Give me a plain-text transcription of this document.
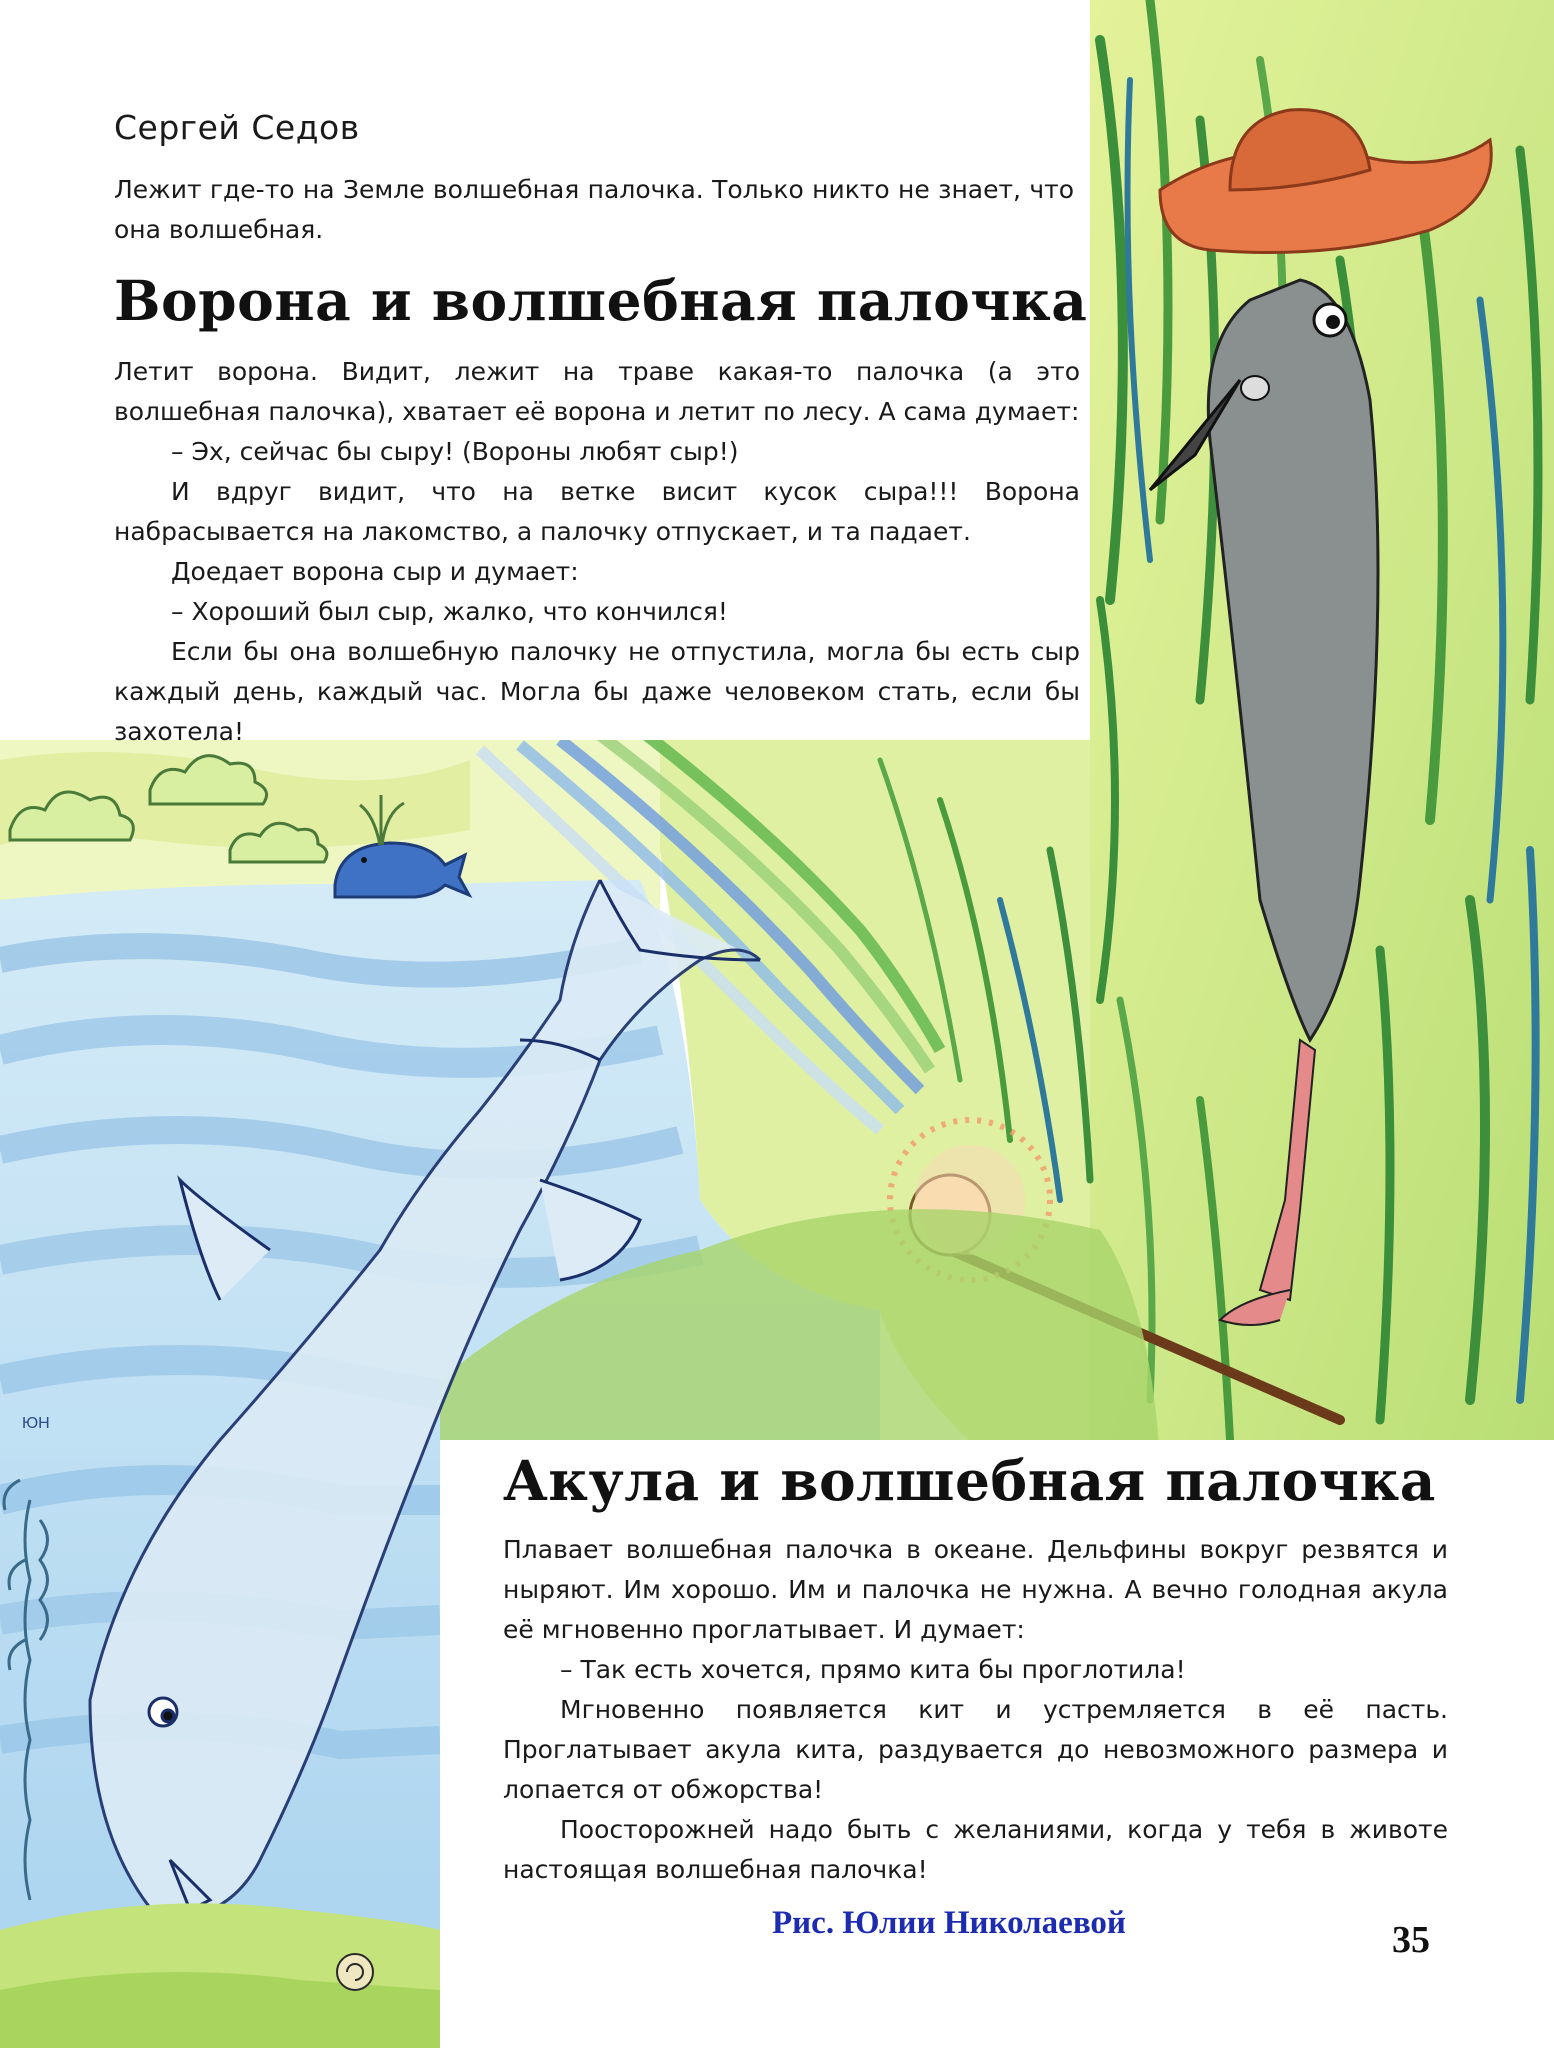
ЮН
Сергей Седов

Лежит где-то на Земле волшебная палочка. Только никто не знает, что она волшебная.

Ворона и волшебная палочка

Летит ворона. Видит, лежит на траве какая-то палочка (а это волшебная палочка), хватает её ворона и летит по лесу. А сама думает:

– Эх, сейчас бы сыру! (Вороны любят сыр!)

И вдруг видит, что на ветке висит кусок сыра!!! Ворона набрасывается на лакомство, а палочку отпускает, и та падает.

Доедает ворона сыр и думает:

– Хороший был сыр, жалко, что кончился!

Если бы она волшебную палочку не отпустила, могла бы есть сыр каждый день, каждый час. Могла бы даже человеком стать, если бы захотела!

Акула и волшебная палочка

Плавает волшебная палочка в океане. Дельфины вокруг резвятся и ныряют. Им хорошо. Им и палочка не нужна. А вечно голодная акула её мгновенно проглатывает. И думает:

– Так есть хочется, прямо кита бы проглотила!

Мгновенно появляется кит и устремляется в её пасть. Проглатывает акула кита, раздувается до невозможного размера и лопается от обжорства!

Поосторожней надо быть с желаниями, когда у тебя в животе настоящая волшебная палочка!

Рис. Юлии Николаевой	35
